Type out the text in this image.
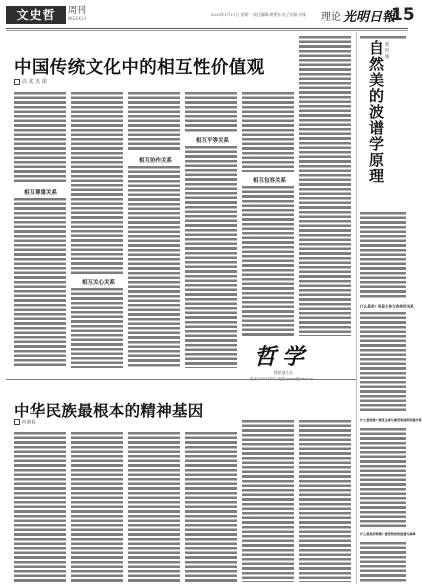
文史哲	周刊
WEEKLY
2013年1月17日 星期一 责任编辑:黄建东 电子信箱:刊部 理论 光明日報
15
中国传统文化中的相互性价值观
高 兆 杰 郁
相互尊重关系
相互关心关系
相互协作关系
相互平等关系
相互包容关系
哲学
理论部主办
中华民族最根本的精神基因
何满春
自然美的波谱学原理 黄 世 瑜
什么是美? 美是主体与客体的关系
什么是美感? 感受主体与感受客体的和谐关系
什么是美的物理? 感受物质的波谱与频率
